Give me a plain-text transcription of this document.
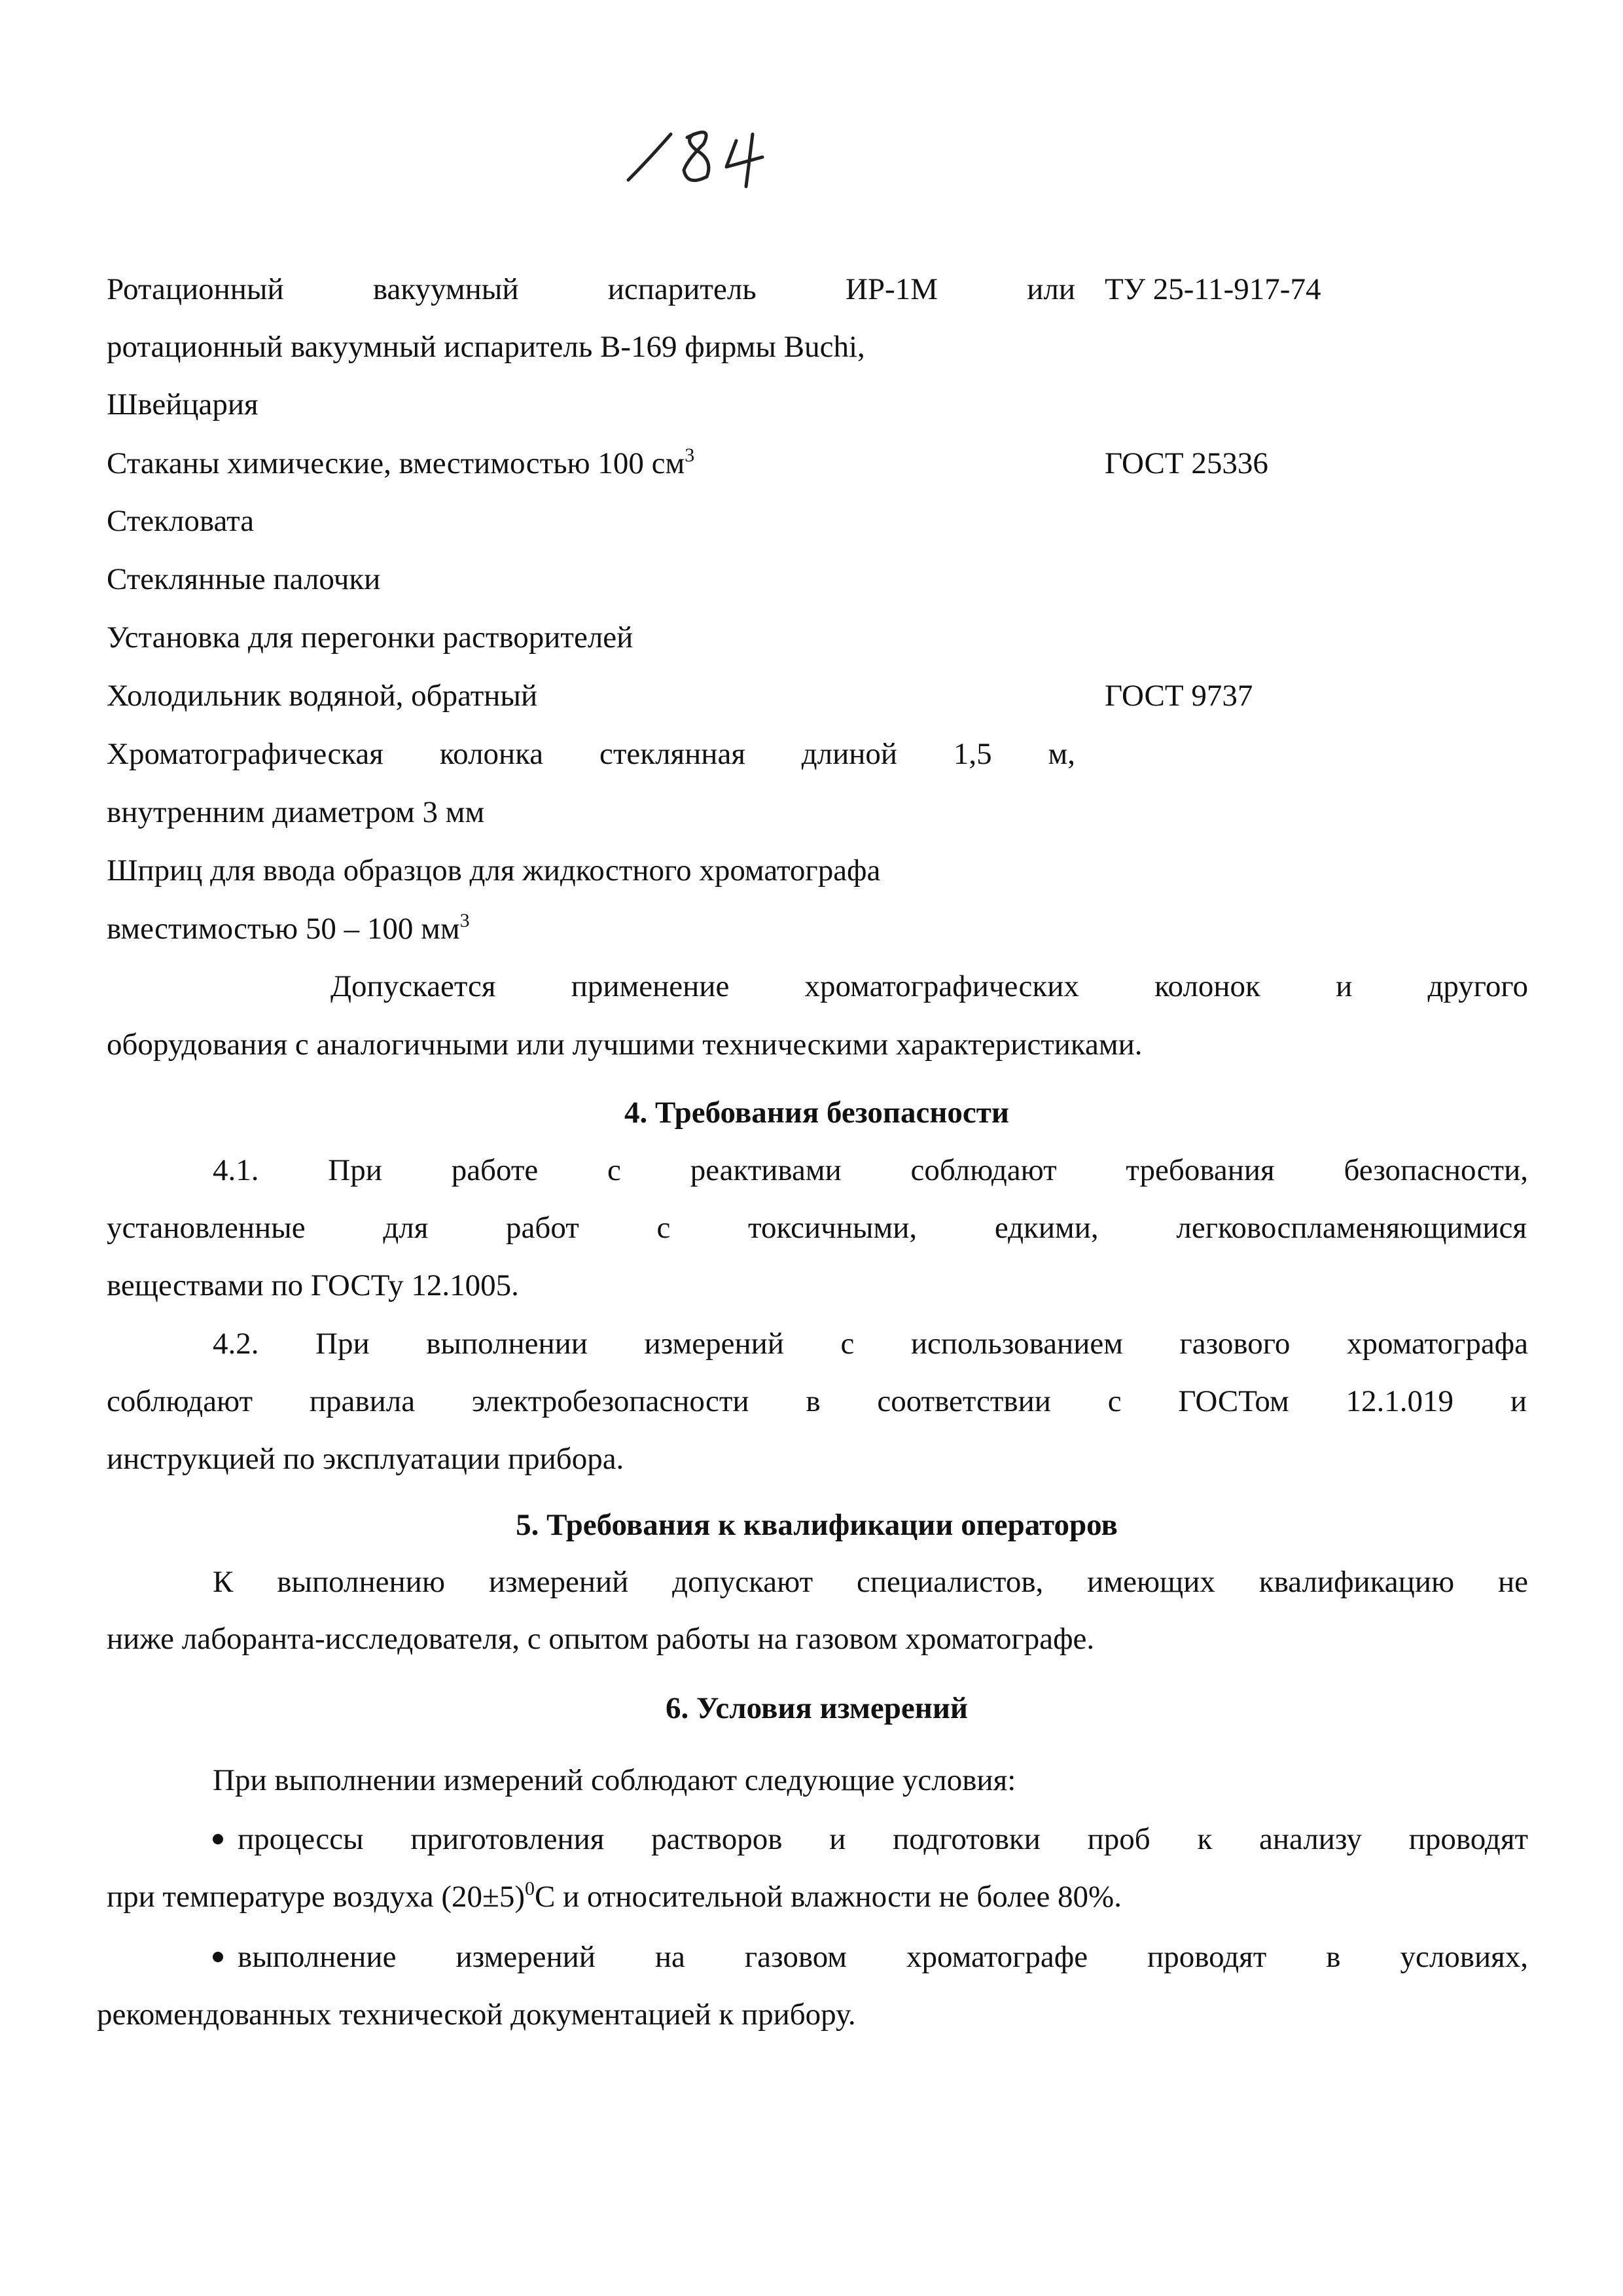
Ротационный вакуумный испаритель ИР-1М или ТУ 25-11-917-74
ротационный вакуумный испаритель В-169 фирмы Buchi,
Швейцария
Стаканы химические, вместимостью 100 $см^3$	ГОСТ 25336
Стекловата
Стеклянные палочки
Установка для перегонки растворителей
Холодильник водяной, обратный	ГОСТ 9737
Хроматографическая колонка стеклянная длиной 1,5 м,
внутренним диаметром 3 мм
Шприц для ввода образцов для жидкостного хроматографа
вместимостью 50 – 100 $мм^3$
Допускается применение хроматографических колонок и другого
оборудования с аналогичными или лучшими техническими характеристиками.
4. Требования безопасности
4.1. При работе с реактивами соблюдают требования безопасности,
установленные для работ с токсичными, едкими, легковоспламеняющимися
веществами по ГОСТу 12.1005.
4.2. При выполнении измерений с использованием газового хроматографа
соблюдают правила электробезопасности в соответствии с ГОСТом 12.1.019 и
инструкцией по эксплуатации прибора.
5. Требования к квалификации операторов
К выполнению измерений допускают специалистов, имеющих квалификацию не
ниже лаборанта-исследователя, с опытом работы на газовом хроматографе.
6. Условия измерений
При выполнении измерений соблюдают следующие условия:
процессы приготовления растворов и подготовки проб к анализу проводят
при температуре воздуха $(20\pm 5)^0С$ и относительной влажности не более 80%.
выполнение измерений на газовом хроматографе проводят в условиях,
рекомендованных технической документацией к прибору.
